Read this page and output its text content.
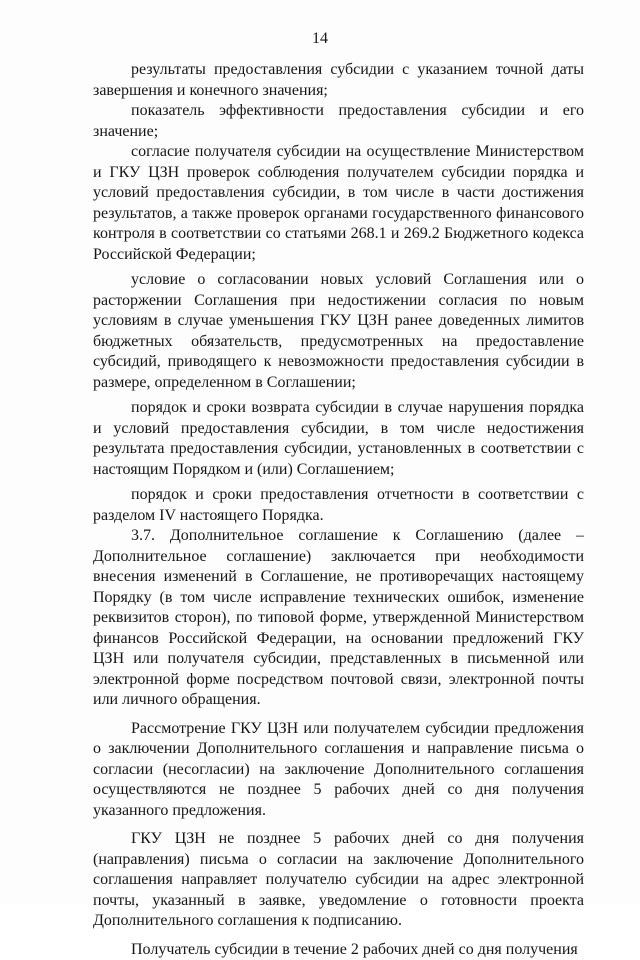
14

результаты предоставления субсидии с указанием точной даты завершения и конечного значения;

показатель эффективности предоставления субсидии и его значение;

согласие получателя субсидии на осуществление Министерством и ГКУ ЦЗН проверок соблюдения получателем субсидии порядка и условий предоставления субсидии, в том числе в части достижения результатов, а также проверок органами государственного финансового контроля в соответствии со статьями 268.1 и 269.2 Бюджетного кодекса Российской Федерации;

условие о согласовании новых условий Соглашения или о расторжении Соглашения при недостижении согласия по новым условиям в случае уменьшения ГКУ ЦЗН ранее доведенных лимитов бюджетных обязательств, предусмотренных на предоставление субсидий, приводящего к невозможности предоставления субсидии в размере, определенном в Соглашении;

порядок и сроки возврата субсидии в случае нарушения порядка и условий предоставления субсидии, в том числе недостижения результата предоставления субсидии, установленных в соответствии с настоящим Порядком и (или) Соглашением;

порядок и сроки предоставления отчетности в соответствии с разделом IV настоящего Порядка.

3.7. Дополнительное соглашение к Соглашению (далее – Дополнительное соглашение) заключается при необходимости внесения изменений в Соглашение, не противоречащих настоящему Порядку (в том числе исправление технических ошибок, изменение реквизитов сторон), по типовой форме, утвержденной Министерством финансов Российской Федерации, на основании предложений ГКУ ЦЗН или получателя субсидии, представленных в письменной или электронной форме посредством почтовой связи, электронной почты или личного обращения.

Рассмотрение ГКУ ЦЗН или получателем субсидии предложения о заключении Дополнительного соглашения и направление письма о согласии (несогласии) на заключение Дополнительного соглашения осуществляются не позднее 5 рабочих дней со дня получения указанного предложения.

ГКУ ЦЗН не позднее 5 рабочих дней со дня получения (направления) письма о согласии на заключение Дополнительного соглашения направляет получателю субсидии на адрес электронной почты, указанный в заявке, уведомление о готовности проекта Дополнительного соглашения к подписанию.

Получатель субсидии в течение 2 рабочих дней со дня получения
